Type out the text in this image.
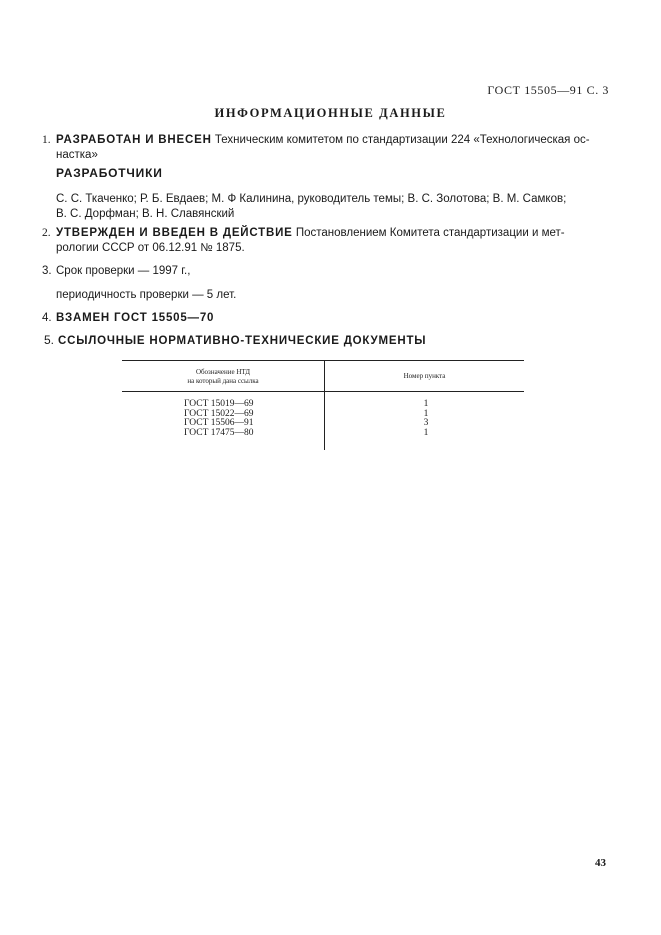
ГОСТ 15505—91 С. 3
ИНФОРМАЦИОННЫЕ ДАННЫЕ
1. РАЗРАБОТАН И ВНЕСЕН Техническим комитетом по стандартизации 224 «Технологическая ос-
настка»
РАЗРАБОТЧИКИ
С. С. Ткаченко; Р. Б. Евдаев; М. Ф Калинина, руководитель темы; В. С. Золотова; В. М. Самков;
В. С. Дорфман; В. Н. Славянский
2. УТВЕРЖДЕН И ВВЕДЕН В ДЕЙСТВИЕ Постановлением Комитета стандартизации и мет-
рологии СССР от 06.12.91 № 1875.
3. Срок проверки — 1997 г.,
периодичность проверки — 5 лет.
4. ВЗАМЕН ГОСТ 15505—70
5. ССЫЛОЧНЫЕ НОРМАТИВНО-ТЕХНИЧЕСКИЕ ДОКУМЕНТЫ
Обозначение НТД
на который дана ссылка
Номер пункта
ГОСТ 15019—69
ГОСТ 15022—69
ГОСТ 15506—91
ГОСТ 17475—80
1
1
3
1
43
